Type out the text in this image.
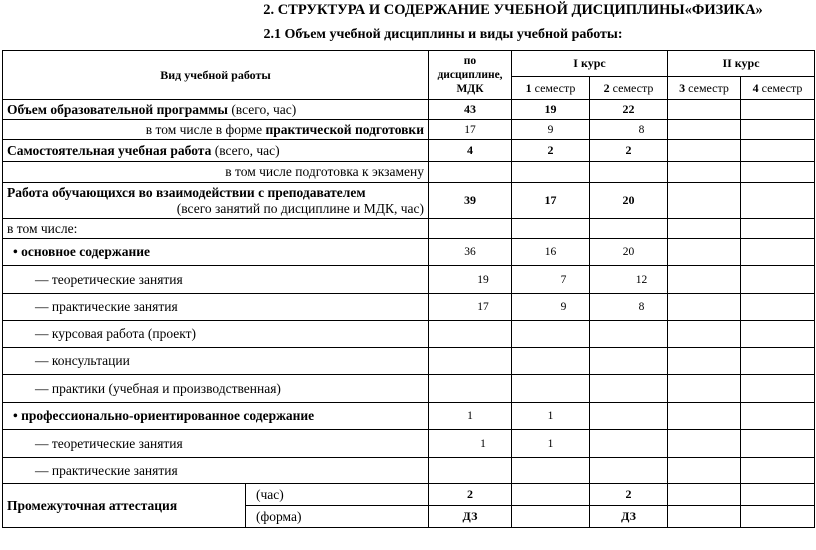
2. СТРУКТУРА И СОДЕРЖАНИЕ УЧЕБНОЙ ДИСЦИПЛИНЫ«ФИЗИКА»
2.1 Объем учебной дисциплины и виды учебной работы:
Вид учебной работы		по дисциплине, МДК	I курс		II курс	
			1 семестр	2 семестр	3 семестр	4 семестр
Объем образовательной программы (всего, час)		43	19	22		
в том числе в форме практической подготовки		17	9	8		
Самостоятельная учебная работа (всего, час)		4	2	2		
в том числе подготовка к экзамену						

Работа обучающихся во взаимодействии с преподавателем
(всего занятий по дисциплине и МДК, час)		39	17	20		
в том числе:						
• основное содержание		36	16	20		
— теоретические занятия		19	7	12		
— практические занятия		17	9	8		
— курсовая работа (проект)					
— консультации					
— практики (учебная и производственная)					
• профессионально-ориентированное содержание		1	1			
— теоретические занятия		1	1			
— практические занятия					
Промежуточная аттестация	(час)	2		2		
	(форма)	ДЗ		ДЗ		
